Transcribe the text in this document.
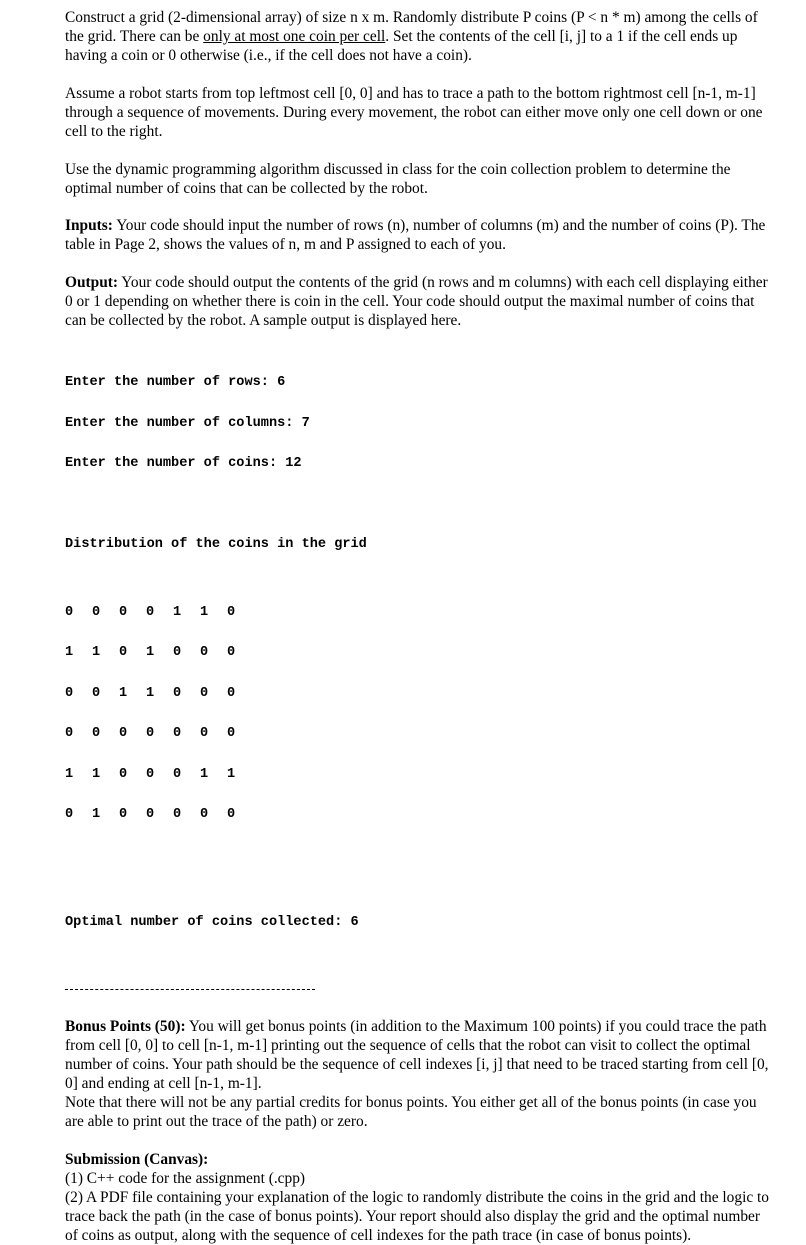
Construct a grid (2-dimensional array) of size n x m. Randomly distribute P coins (P < n * m) among the cells of the grid. There can be only at most one coin per cell. Set the contents of the cell [i, j] to a 1 if the cell ends up having a coin or 0 otherwise (i.e., if the cell does not have a coin).

Assume a robot starts from top leftmost cell [0, 0] and has to trace a path to the bottom rightmost cell [n-1, m-1] through a sequence of movements. During every movement, the robot can either move only one cell down or one cell to the right.

Use the dynamic programming algorithm discussed in class for the coin collection problem to determine the optimal number of coins that can be collected by the robot.

Inputs: Your code should input the number of rows (n), number of columns (m) and the number of coins (P). The table in Page 2, shows the values of n, m and P assigned to each of you.

Output: Your code should output the contents of the grid (n rows and m columns) with each cell displaying either 0 or 1 depending on whether there is coin in the cell. Your code should output the maximal number of coins that can be collected by the robot. A sample output is displayed here.

Enter the number of rows: 6

Enter the number of columns: 7

Enter the number of coins: 12

Distribution of the coins in the grid

0 0 0 0 1 1 0

1 1 0 1 0 0 0

0 0 1 1 0 0 0

0 0 0 0 0 0 0

1 1 0 0 0 1 1

0 1 0 0 0 0 0

Optimal number of coins collected: 6

Bonus Points (50): You will get bonus points (in addition to the Maximum 100 points) if you could trace the path from cell [0, 0] to cell [n-1, m-1] printing out the sequence of cells that the robot can visit to collect the optimal number of coins. Your path should be the sequence of cell indexes [i, j] that need to be traced starting from cell [0, 0] and ending at cell [n-1, m-1].

Note that there will not be any partial credits for bonus points. You either get all of the bonus points (in case you are able to print out the trace of the path) or zero.

Submission (Canvas):

(1) C++ code for the assignment (.cpp)

(2) A PDF file containing your explanation of the logic to randomly distribute the coins in the grid and the logic to trace back the path (in the case of bonus points). Your report should also display the grid and the optimal number of coins as output, along with the sequence of cell indexes for the path trace (in case of bonus points).
